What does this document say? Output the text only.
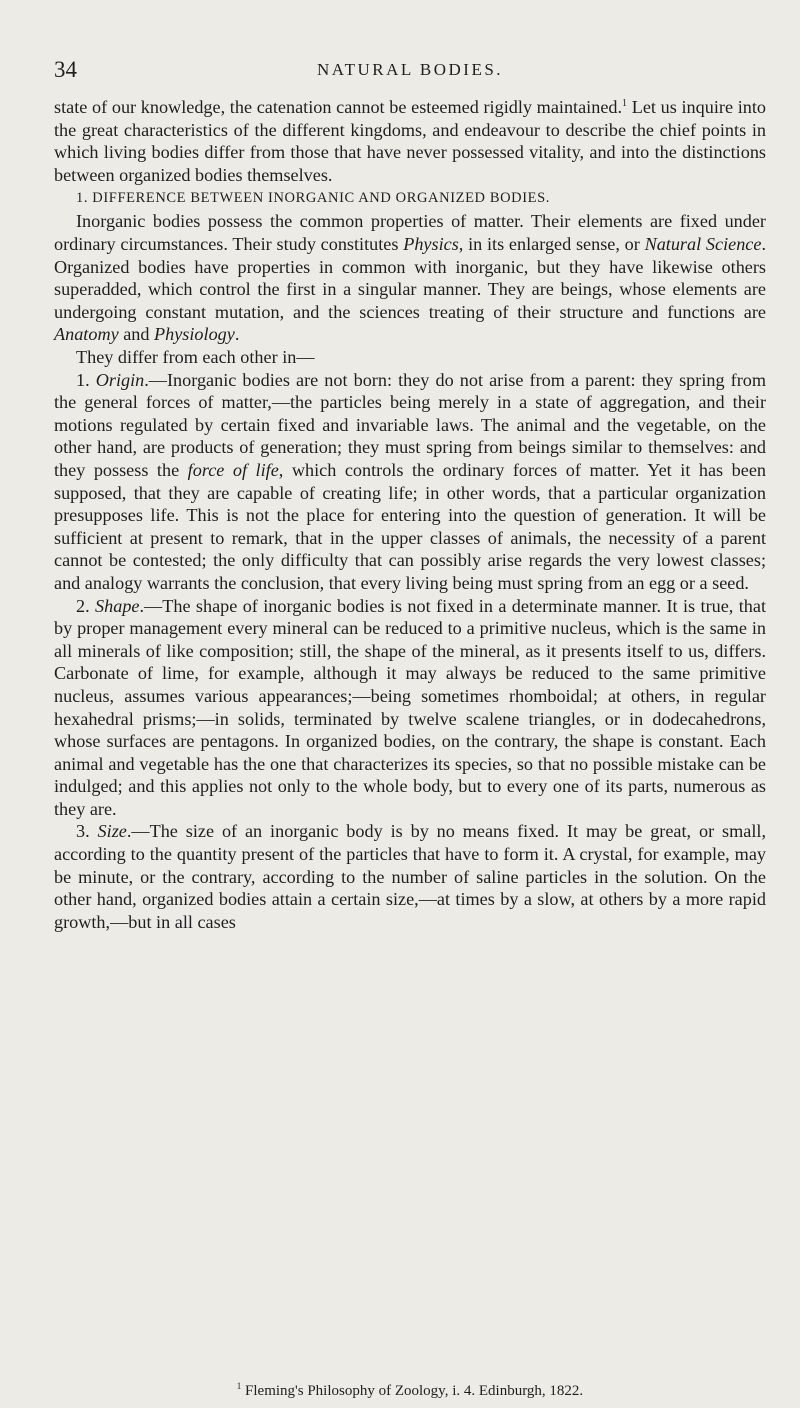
34	NATURAL BODIES.

state of our knowledge, the catenation cannot be esteemed rigidly maintained.$^1$ Let us inquire into the great characteristics of the different kingdoms, and endeavour to describe the chief points in which living bodies differ from those that have never possessed vitality, and into the distinctions between organized bodies themselves.

1. DIFFERENCE BETWEEN INORGANIC AND ORGANIZED BODIES.

Inorganic bodies possess the common properties of matter. Their elements are fixed under ordinary circumstances. Their study constitutes Physics, in its enlarged sense, or Natural Science. Organized bodies have properties in common with inorganic, but they have likewise others superadded, which control the first in a singular manner. They are beings, whose elements are undergoing constant mutation, and the sciences treating of their structure and functions are Anatomy and Physiology.

They differ from each other in—

1. Origin.—Inorganic bodies are not born: they do not arise from a parent: they spring from the general forces of matter,—the particles being merely in a state of aggregation, and their motions regulated by certain fixed and invariable laws. The animal and the vegetable, on the other hand, are products of generation; they must spring from beings similar to themselves: and they possess the force of life, which controls the ordinary forces of matter. Yet it has been supposed, that they are capable of creating life; in other words, that a particular organization presupposes life. This is not the place for entering into the question of generation. It will be sufficient at present to remark, that in the upper classes of animals, the necessity of a parent cannot be contested; the only difficulty that can possibly arise regards the very lowest classes; and analogy warrants the conclusion, that every living being must spring from an egg or a seed.

2. Shape.—The shape of inorganic bodies is not fixed in a determinate manner. It is true, that by proper management every mineral can be reduced to a primitive nucleus, which is the same in all minerals of like composition; still, the shape of the mineral, as it presents itself to us, differs. Carbonate of lime, for example, although it may always be reduced to the same primitive nucleus, assumes various appearances;—being sometimes rhomboidal; at others, in regular hexahedral prisms;—in solids, terminated by twelve scalene triangles, or in dodecahedrons, whose surfaces are pentagons. In organized bodies, on the contrary, the shape is constant. Each animal and vegetable has the one that characterizes its species, so that no possible mistake can be indulged; and this applies not only to the whole body, but to every one of its parts, numerous as they are.

3. Size.—The size of an inorganic body is by no means fixed. It may be great, or small, according to the quantity present of the particles that have to form it. A crystal, for example, may be minute, or the contrary, according to the number of saline particles in the solution. On the other hand, organized bodies attain a certain size,—at times by a slow, at others by a more rapid growth,—but in all cases

$^1$ Fleming's Philosophy of Zoology, i. 4. Edinburgh, 1822.
